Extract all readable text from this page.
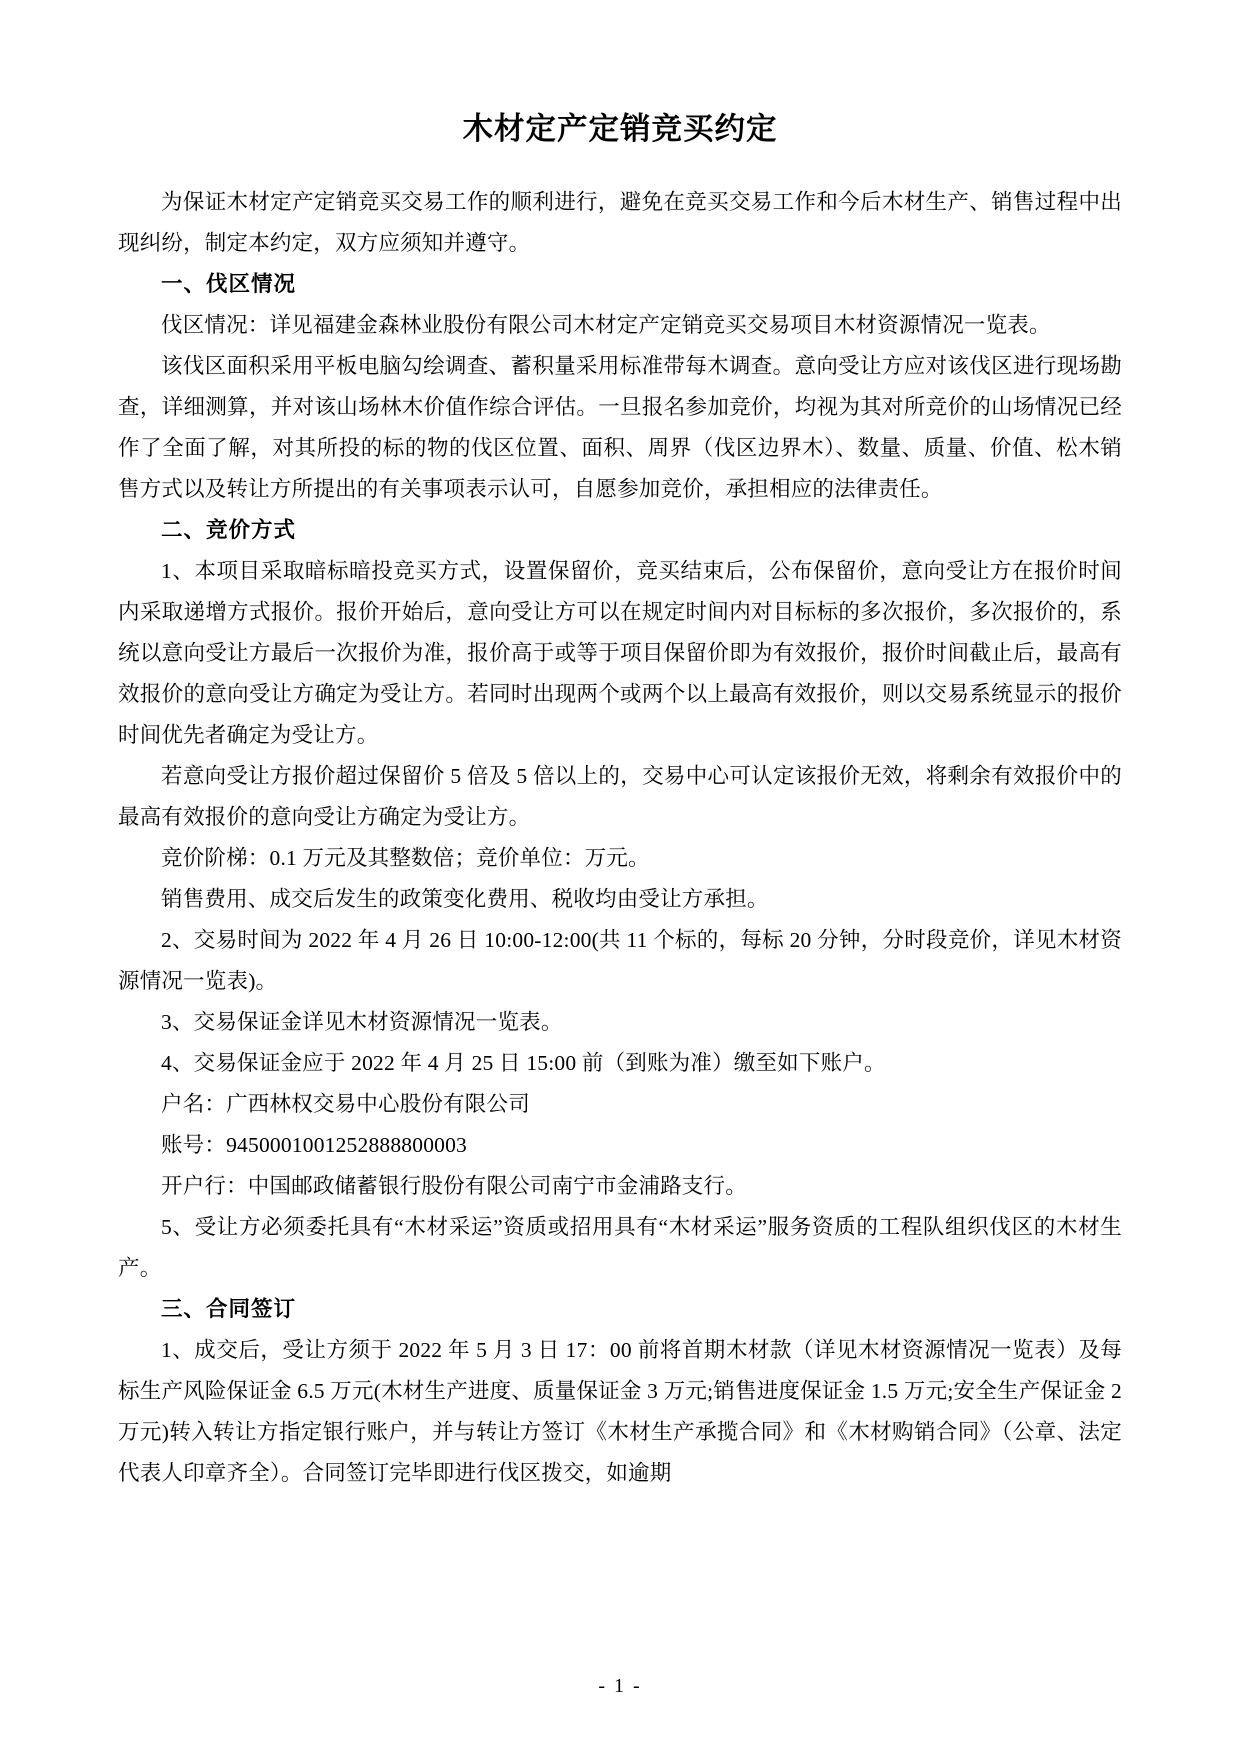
木材定产定销竞买约定

为保证木材定产定销竞买交易工作的顺利进行，避免在竞买交易工作和今后木材生产、销售过程中出现纠纷，制定本约定，双方应须知并遵守。

一、伐区情况

伐区情况：详见福建金森林业股份有限公司木材定产定销竞买交易项目木材资源情况一览表。

该伐区面积采用平板电脑勾绘调查、蓄积量采用标准带每木调查。意向受让方应对该伐区进行现场勘查，详细测算，并对该山场林木价值作综合评估。一旦报名参加竞价，均视为其对所竞价的山场情况已经作了全面了解，对其所投的标的物的伐区位置、面积、周界（伐区边界木）、数量、质量、价值、松木销售方式以及转让方所提出的有关事项表示认可，自愿参加竞价，承担相应的法律责任。

二、竞价方式

1、本项目采取暗标暗投竞买方式，设置保留价，竞买结束后，公布保留价，意向受让方在报价时间内采取递增方式报价。报价开始后，意向受让方可以在规定时间内对目标标的多次报价，多次报价的，系统以意向受让方最后一次报价为准，报价高于或等于项目保留价即为有效报价，报价时间截止后，最高有效报价的意向受让方确定为受让方。若同时出现两个或两个以上最高有效报价，则以交易系统显示的报价时间优先者确定为受让方。

若意向受让方报价超过保留价 5 倍及 5 倍以上的，交易中心可认定该报价无效，将剩余有效报价中的最高有效报价的意向受让方确定为受让方。

竞价阶梯：0.1 万元及其整数倍；竞价单位：万元。

销售费用、成交后发生的政策变化费用、税收均由受让方承担。

2、交易时间为 2022 年 4 月 26 日 10:00-12:00(共 11 个标的，每标 20 分钟，分时段竞价，详见木材资源情况一览表)。

3、交易保证金详见木材资源情况一览表。

4、交易保证金应于 2022 年 4 月 25 日 15:00 前（到账为准）缴至如下账户。

户名：广西林权交易中心股份有限公司

账号：9450001001252888800003

开户行：中国邮政储蓄银行股份有限公司南宁市金浦路支行。

5、受让方必须委托具有“木材采运”资质或招用具有“木材采运”服务资质的工程队组织伐区的木材生产。

三、合同签订

1、成交后，受让方须于 2022 年 5 月 3 日 17：00 前将首期木材款（详见木材资源情况一览表）及每标生产风险保证金 6.5 万元(木材生产进度、质量保证金 3 万元;销售进度保证金 1.5 万元;安全生产保证金 2 万元)转入转让方指定银行账户，并与转让方签订《木材生产承揽合同》和《木材购销合同》（公章、法定代表人印章齐全）。合同签订完毕即进行伐区拨交，如逾期

- 1 -
